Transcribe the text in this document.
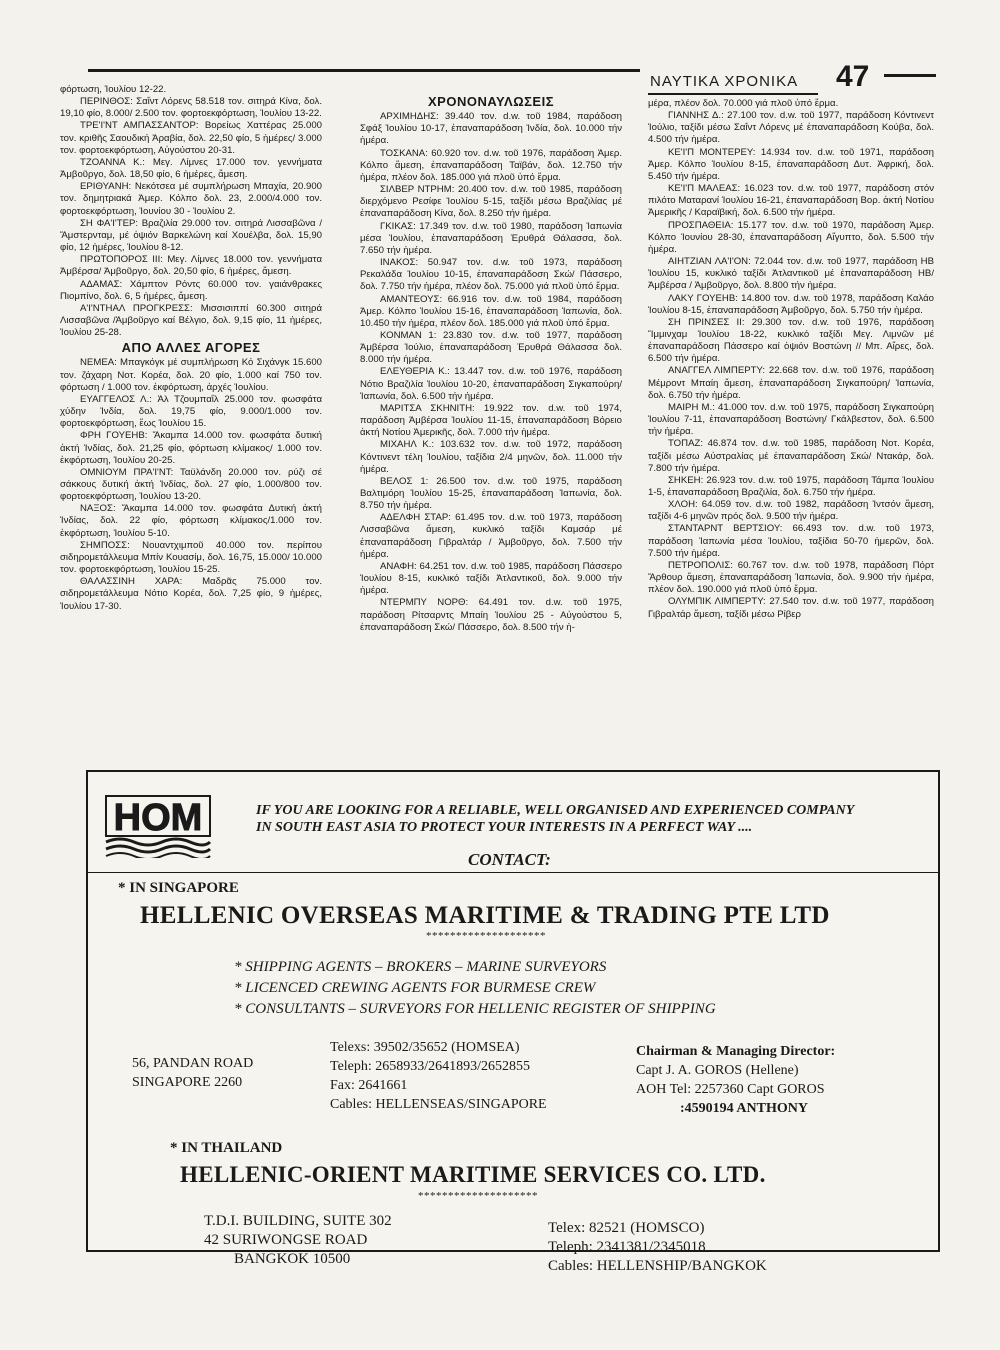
ΝΑΥΤΙΚΑ ΧΡΟΝΙΚΑ 47

φόρτωση, Ἰουλίου 12-22.

ΠΕΡΙΝΘΟΣ: Σαΐντ Λόρενς 58.518 τον. σιτηρά Κίνα, δολ. 19,10 φίο, 8.000/ 2.500 τον. φορτοεκφόρτωση, Ἰουλίου 13-22.

ΤΡΕ'Ι'ΝΤ ΑΜΠΑΣΣΑΝΤΟΡ: Βορείως Χαττέρας 25.000 τον. κριθῆς Σαουδική Ἀραβία, δολ. 22,50 φίο, 5 ἡμέρες/ 3.000 τον. φορτοεκφόρτωση, Αὐγούστου 20-31.

ΤΖΟΑΝΝΑ Κ.: Μεγ. Λίμνες 17.000 τον. γεννήματα Ἀμβοῦργο, δολ. 18,50 φίο, 6 ἡμέρες, ἄμεση.

ΕΡΙΘΥΑΝΗ: Νεκότσεα μέ συμπλήρωση Μπαχία, 20.900 τον. δημητριακά Ἀμερ. Κόλπο δολ. 23, 2.000/4.000 τον. φορτοεκφόρτωση, Ἰουνίου 30 - Ἰουλίου 2.

ΣΗ ΦΑ'Ι'ΤΕΡ: Βραζιλία 29.000 τον. σιτηρά Λισσαβῶνα / Ἄμστερνταμ, μέ ὀψιόν Βαρκελώνη καί Χουέλβα, δολ. 15,90 φίο, 12 ἡμέρες, Ἰουλίου 8-12.

ΠΡΩΤΟΠΟΡΟΣ ΙΙΙ: Μεγ. Λίμνες 18.000 τον. γεννήματα Ἀμβέρσα/ Ἀμβοῦργο, δολ. 20,50 φίο, 6 ἡμέρες, ἄμεση.

ΑΔΑΜΑΣ: Χάμπτον Ρόντς 60.000 τον. γαιάνθρακες Πιομπίνο, δολ. 6, 5 ἡμέρες, ἄμεση.

Α'Ι'ΝΤΗΑΛ ΠΡΟΓΚΡΕΣΣ: Μισσισιππί 60.300 σιτηρά Λισσαβῶνα /Ἀμβοῦργο καί Βέλγιο, δολ. 9,15 φίο, 11 ἡμέρες, Ἰουλίου 25-28.

ΑΠΟ ΑΛΛΕΣ ΑΓΟΡΕΣ

ΝΕΜΕΑ: Μπαγκόγκ μέ συμπλήρωση Κό Σιχάνγκ 15.600 τον. ζάχαρη Νοτ. Κορέα, δολ. 20 φίο, 1.000 καί 750 τον. φόρτωση / 1.000 τον. ἐκφόρτωση, ἀρχές Ἰουλίου.

ΕΥΑΓΓΕΛΟΣ Λ.: Ἀλ Τζουμπαΐλ 25.000 τον. φωσφάτα χύδην Ἰνδία, δολ. 19,75 φίο, 9.000/1.000 τον. φορτοεκφόρτωση, ἕως Ἰουλίου 15.

ΦΡΗ ΓΟΥΕΗΒ: Ἄκαμπα 14.000 τον. φωσφάτα δυτική ἀκτή Ἰνδίας, δολ. 21,25 φίο, φόρτωση κλίμακος/ 1.000 τον. ἐκφόρτωση, Ἰουλίου 20-25.

ΟΜΝΙΟΥΜ ΠΡΑ'Ι'ΝΤ: Ταϋλάνδη 20.000 τον. ρύζι σέ σάκκους δυτική ἀκτή Ἰνδίας, δολ. 27 φίο, 1.000/800 τον. φορτοεκφόρτωση, Ἰουλίου 13-20.

ΝΑΞΟΣ: Ἄκαμπα 14.000 τον. φωσφάτα Δυτική ἀκτή Ἰνδίας, δολ. 22 φίο, φόρτωση κλίμακος/1.000 τον. ἐκφόρτωση, Ἰουλίου 5-10.

ΣΗΜΠΟΣΣ: Νουαντχιμποῦ 40.000 τον. περίπου σιδηρομετάλλευμα Μπίν Κουασίμ, δολ. 16,75, 15.000/ 10.000 τον. φορτοεκφόρτωση, Ἰουλίου 15-25.

ΘΑΛΑΣΣΙΝΗ ΧΑΡΑ: Μαδρᾶς 75.000 τον. σιδηρομετάλλευμα Νότιο Κορέα, δολ. 7,25 φίο, 9 ἡμέρες, Ἰουλίου 17-30.

ΧΡΟΝΟΝΑΥΛΩΣΕΙΣ

ΑΡΧΙΜΗΔΗΣ: 39.440 τον. d.w. τοῦ 1984, παράδοση Σφάξ Ἰουλίου 10-17, ἐπαναπαράδοση Ἰνδία, δολ. 10.000 τήν ἡμέρα.

ΤΟΣΚΑΝΑ: 60.920 τον. d.w. τοῦ 1976, παράδοση Ἀμερ. Κόλπο ἄμεση, ἐπαναπαράδοση Ταϊβάν, δολ. 12.750 τήν ἡμέρα, πλέον δολ. 185.000 γιά πλοῦ ὑπό ἕρμα.

ΣΙΛΒΕΡ ΝΤΡΗΜ: 20.400 τον. d.w. τοῦ 1985, παράδοση διερχόμενο Ρεσίφε Ἰουλίου 5-15, ταξίδι μέσω Βραζιλίας μέ ἐπαναπαράδοση Κίνα, δολ. 8.250 τήν ἡμέρα.

ΓΚΙΚΑΣ: 17.349 τον. d.w. τοῦ 1980, παράδοση Ἰαπωνία μέσα Ἰουλίου, ἐπαναπαράδοση Ἐρυθρά Θάλασσα, δολ. 7.650 τήν ἡμέρα.

ΙΝΑΚΟΣ: 50.947 τον. d.w. τοῦ 1973, παράδοση Ρεκαλάδα Ἰουλίου 10-15, ἐπαναπαράδοση Σκώ/ Πάσσερο, δολ. 7.750 τήν ἡμέρα, πλέον δολ. 75.000 γιά πλοῦ ὑπό ἕρμα.

ΑΜΑΝΤΕΟΥΣ: 66.916 τον. d.w. τοῦ 1984, παράδοση Ἀμερ. Κόλπο Ἰουλίου 15-16, ἐπαναπαράδοση Ἰαπωνία, δολ. 10.450 τήν ἡμέρα, πλέον δολ. 185.000 γιά πλοῦ ὑπό ἕρμα.

ΚΟΝΜΑΝ 1: 23.830 τον. d.w. τοῦ 1977, παράδοση Ἀμβέρσα Ἰούλιο, ἐπαναπαράδοση Ἐρυθρά Θάλασσα δολ. 8.000 τήν ἡμέρα.

ΕΛΕΥΘΕΡΙΑ Κ.: 13.447 τον. d.w. τοῦ 1976, παράδοση Νότιο Βραζιλία Ἰουλίου 10-20, ἐπαναπαράδοση Σιγκαπούρη/ Ἰαπωνία, δολ. 6.500 τήν ἡμέρα.

ΜΑΡΙΤΣΑ ΣΚΗΝΙΤΗ: 19.922 τον. d.w. τοῦ 1974, παράδοση Ἀμβέρσα Ἰουλίου 11-15, ἐπαναπαράδοση Βόρειο ἀκτή Νοτίου Ἀμερικῆς, δολ. 7.000 τήν ἡμέρα.

ΜΙΧΑΗΛ Κ.: 103.632 τον. d.w. τοῦ 1972, παράδοση Κόντινεντ τέλη Ἰουλίου, ταξίδια 2/4 μηνῶν, δολ. 11.000 τήν ἡμέρα.

ΒΕΛΟΣ 1: 26.500 τον. d.w. τοῦ 1975, παράδοση Βαλτιμόρη Ἰουλίου 15-25, ἐπαναπαράδοση Ἰαπωνία, δολ. 8.750 τήν ἡμέρα.

ΑΔΕΛΦΗ ΣΤΑΡ: 61.495 τον. d.w. τοῦ 1973, παράδοση Λισσαβῶνα ἄμεση, κυκλικό ταξίδι Καμσάρ μέ ἐπαναπαράδοση Γιβραλτάρ / Ἀμβοῦργο, δολ. 7.500 τήν ἡμέρα.

ΑΝΑΦΗ: 64.251 τον. d.w. τοῦ 1985, παράδοση Πάσσερο Ἰουλίου 8-15, κυκλικό ταξίδι Ἀτλαντικοῦ, δολ. 9.000 τήν ἡμέρα.

ΝΤΕΡΜΠΥ ΝΟΡΘ: 64.491 τον. d.w. τοῦ 1975, παράδοση Ρίτσαρντς Μπαίη Ἰουλίου 25 - Αὐγούστου 5, ἐπαναπαράδοση Σκώ/ Πάσσερο, δολ. 8.500 τήν ἡ-

μέρα, πλέον δολ. 70.000 γιά πλοῦ ὑπό ἕρμα.

ΓΙΑΝΝΗΣ Δ.: 27.100 τον. d.w. τοῦ 1977, παράδοση Κόντινεντ Ἰούλιο, ταξίδι μέσω Σαΐντ Λόρενς μέ ἐπαναπαράδοση Κούβα, δολ. 4.500 τήν ἡμέρα.

ΚΕ'Ι'Π ΜΟΝΤΕΡΕΥ: 14.934 τον. d.w. τοῦ 1971, παράδοση Ἀμερ. Κόλπο Ἰουλίου 8-15, ἐπαναπαράδοση Δυτ. Ἀφρική, δολ. 5.450 τήν ἡμέρα.

ΚΕ'Ι'Π ΜΑΛΕΑΣ: 16.023 τον. d.w. τοῦ 1977, παράδοση στόν πιλότο Ματαρανί Ἰουλίου 16-21, ἐπαναπαράδοση Βορ. ἀκτή Νοτίου Ἀμερικῆς / Καραϊβική, δολ. 6.500 τήν ἡμέρα.

ΠΡΟΣΠΑΘΕΙΑ: 15.177 τον. d.w. τοῦ 1970, παράδοση Ἀμερ. Κόλπο Ἰουνίου 28-30, ἐπαναπαράδοση Αἴγυπτο, δολ. 5.500 τήν ἡμέρα.

ΑΙΗΤΖΙΑΝ ΛΑ'Ι'ΟΝ: 72.044 τον. d.w. τοῦ 1977, παράδοση ΗΒ Ἰουλίου 15, κυκλικό ταξίδι Ἀτλαντικοῦ μέ ἐπαναπαράδοση ΗΒ/Ἀμβέρσα / Ἀμβοῦργο, δολ. 8.800 τήν ἡμέρα.

ΛΑΚΥ ΓΟΥΕΗΒ: 14.800 τον. d.w. τοῦ 1978, παράδοση Καλάο Ἰουλίου 8-15, ἐπαναπαράδοση Ἀμβοῦργο, δολ. 5.750 τήν ἡμέρα.

ΣΗ ΠΡΙΝΣΕΣ ΙΙ: 29.300 τον. d.w. τοῦ 1976, παράδοση Ἴμμινχαμ Ἰουλίου 18-22, κυκλικό ταξίδι Μεγ. Λιμνῶν μέ ἐπαναπαράδοση Πάσσερο καί ὀψιόν Βοστώνη // Μπ. Αἴρες, δολ. 6.500 τήν ἡμέρα.

ΑΝΑΓΓΕΛ ΛΙΜΠΕΡΤΥ: 22.668 τον. d.w. τοῦ 1976, παράδοση Μέμροντ Μπαίη ἄμεση, ἐπαναπαράδοση Σιγκαπούρη/ Ἰαπωνία, δολ. 6.750 τήν ἡμέρα.

ΜΑΙΡΗ Μ.: 41.000 τον. d.w. τοῦ 1975, παράδοση Σιγκαπούρη Ἰουλίου 7-11, ἐπαναπαράδοση Βοστώνη/ Γκάλβεστον, δολ. 6.500 τήν ἡμέρα.

ΤΟΠΑΖ: 46.874 τον. d.w. τοῦ 1985, παράδοση Νοτ. Κορέα, ταξίδι μέσω Αὐστραλίας μέ ἐπαναπαράδοση Σκώ/ Ντακάρ, δολ. 7.800 τήν ἡμέρα.

ΣΗΚΕΗ: 26.923 τον. d.w. τοῦ 1975, παράδοση Τάμπα Ἰουλίου 1-5, ἐπαναπαράδοση Βραζιλία, δολ. 6.750 τήν ἡμέρα.

ΧΛΟΗ: 64.059 τον. d.w. τοῦ 1982, παράδοση Ἰντσόν ἄμεση, ταξίδι 4-6 μηνῶν πρός δολ. 9.500 τήν ἡμέρα.

ΣΤΑΝΤΑΡΝΤ ΒΕΡΤΣΙΟΥ: 66.493 τον. d.w. τοῦ 1973, παράδοση Ἰαπωνία μέσα Ἰουλίου, ταξίδια 50-70 ἡμερῶν, δολ. 7.500 τήν ἡμέρα.

ΠΕΤΡΟΠΟΛΙΣ: 60.767 τον. d.w. τοῦ 1978, παράδοση Πόρτ Ἄρθουρ ἄμεση, ἐπαναπαράδοση Ἰαπωνία, δολ. 9.900 τήν ἡμέρα, πλέον δολ. 190.000 γιά πλοῦ ὑπό ἕρμα.

ΟΛΥΜΠΙΚ ΛΙΜΠΕΡΤΥ: 27.540 τον. d.w. τοῦ 1977, παράδοση Γιβραλτάρ ἄμεση, ταξίδι μέσω Ρίβερ

HOM	IF YOU ARE LOOKING FOR A RELIABLE, WELL ORGANISED AND EXPERIENCED COMPANY
IN SOUTH EAST ASIA TO PROTECT YOUR INTERESTS IN A PERFECT WAY ....
CONTACT:
* IN SINGAPORE
HELLENIC OVERSEAS MARITIME & TRADING PTE LTD
********************
* SHIPPING AGENTS – BROKERS – MARINE SURVEYORS
* LICENCED CREWING AGENTS FOR BURMESE CREW
* CONSULTANTS – SURVEYORS FOR HELLENIC REGISTER OF SHIPPING
56, PANDAN ROAD
SINGAPORE 2260
Telexs: 39502/35652 (HOMSEA)
Teleph: 2658933/2641893/2652855
Fax: 2641661
Cables: HELLENSEAS/SINGAPORE
Chairman & Managing Director:
Capt J. A. GOROS (Hellene)
AOH Tel: 2257360 Capt GOROS
:4590194 ANTHONY
* IN THAILAND
HELLENIC-ORIENT MARITIME SERVICES CO. LTD.
********************
T.D.I. BUILDING, SUITE 302
42 SURIWONGSE ROAD
BANGKOK 10500
Telex: 82521 (HOMSCO)
Teleph: 2341381/2345018
Cables: HELLENSHIP/BANGKOK
